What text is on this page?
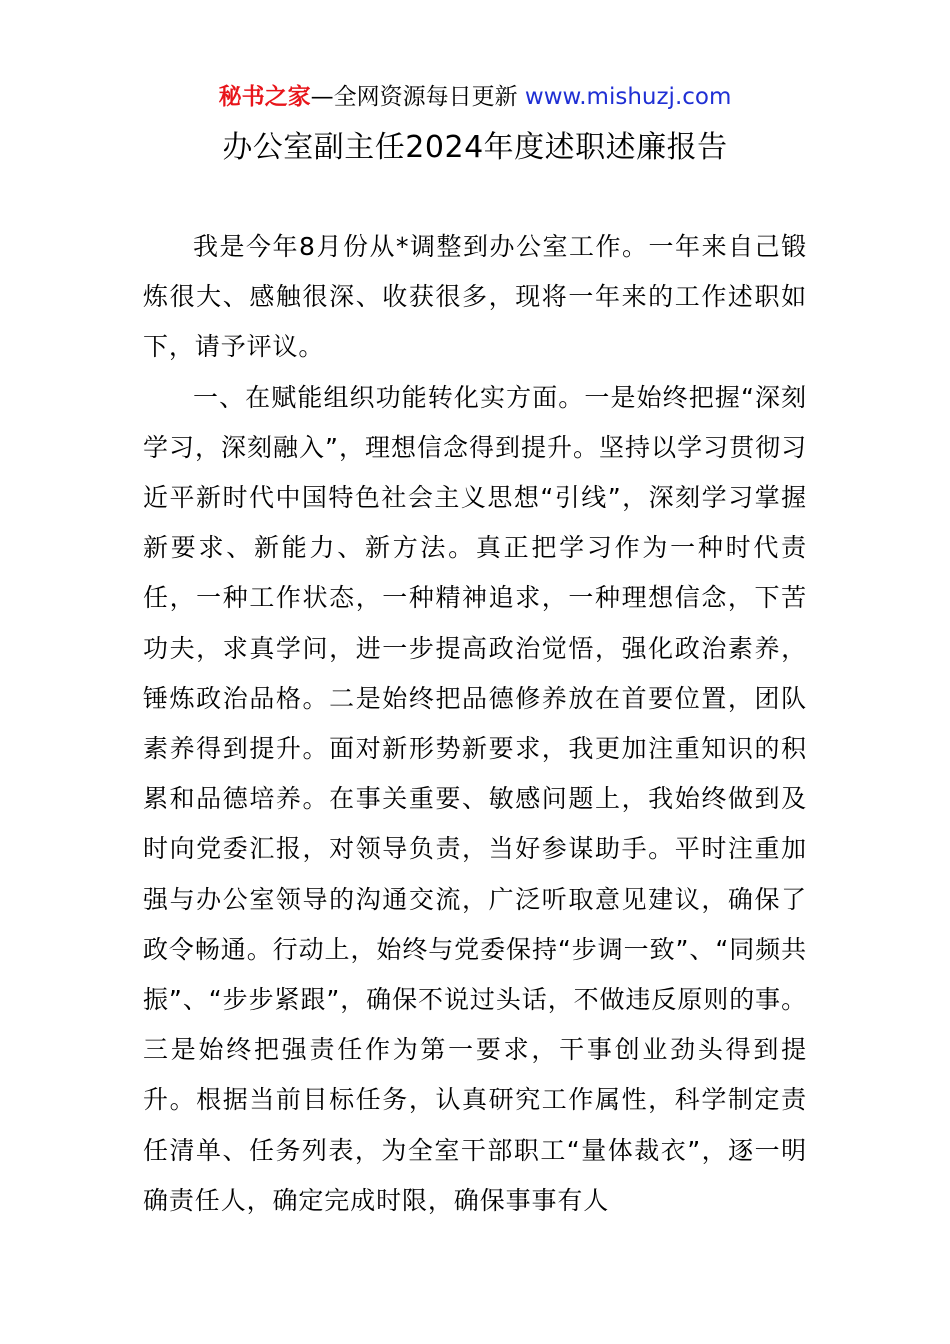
秘书之家—全网资源每日更新 www.mishuzj.com
办公室副主任2024年度述职述廉报告

我是今年8月份从*调整到办公室工作。一年来自己锻炼很大、感触很深、收获很多，现将一年来的工作述职如下，请予评议。

一、在赋能组织功能转化实方面。一是始终把握“深刻学习，深刻融入”，理想信念得到提升。坚持以学习贯彻习近平新时代中国特色社会主义思想“引线”，深刻学习掌握新要求、新能力、新方法。真正把学习作为一种时代责任，一种工作状态，一种精神追求，一种理想信念，下苦功夫，求真学问，进一步提高政治觉悟，强化政治素养，锤炼政治品格。二是始终把品德修养放在首要位置，团队素养得到提升。面对新形势新要求，我更加注重知识的积累和品德培养。在事关重要、敏感问题上，我始终做到及时向党委汇报，对领导负责，当好参谋助手。平时注重加强与办公室领导的沟通交流，广泛听取意见建议，确保了政令畅通。行动上，始终与党委保持“步调一致”、“同频共振”、“步步紧跟”，确保不说过头话，不做违反原则的事。三是始终把强责任作为第一要求，干事创业劲头得到提升。根据当前目标任务，认真研究工作属性，科学制定责任清单、任务列表，为全室干部职工“量体裁衣”，逐一明确责任人，确定完成时限，确保事事有人
